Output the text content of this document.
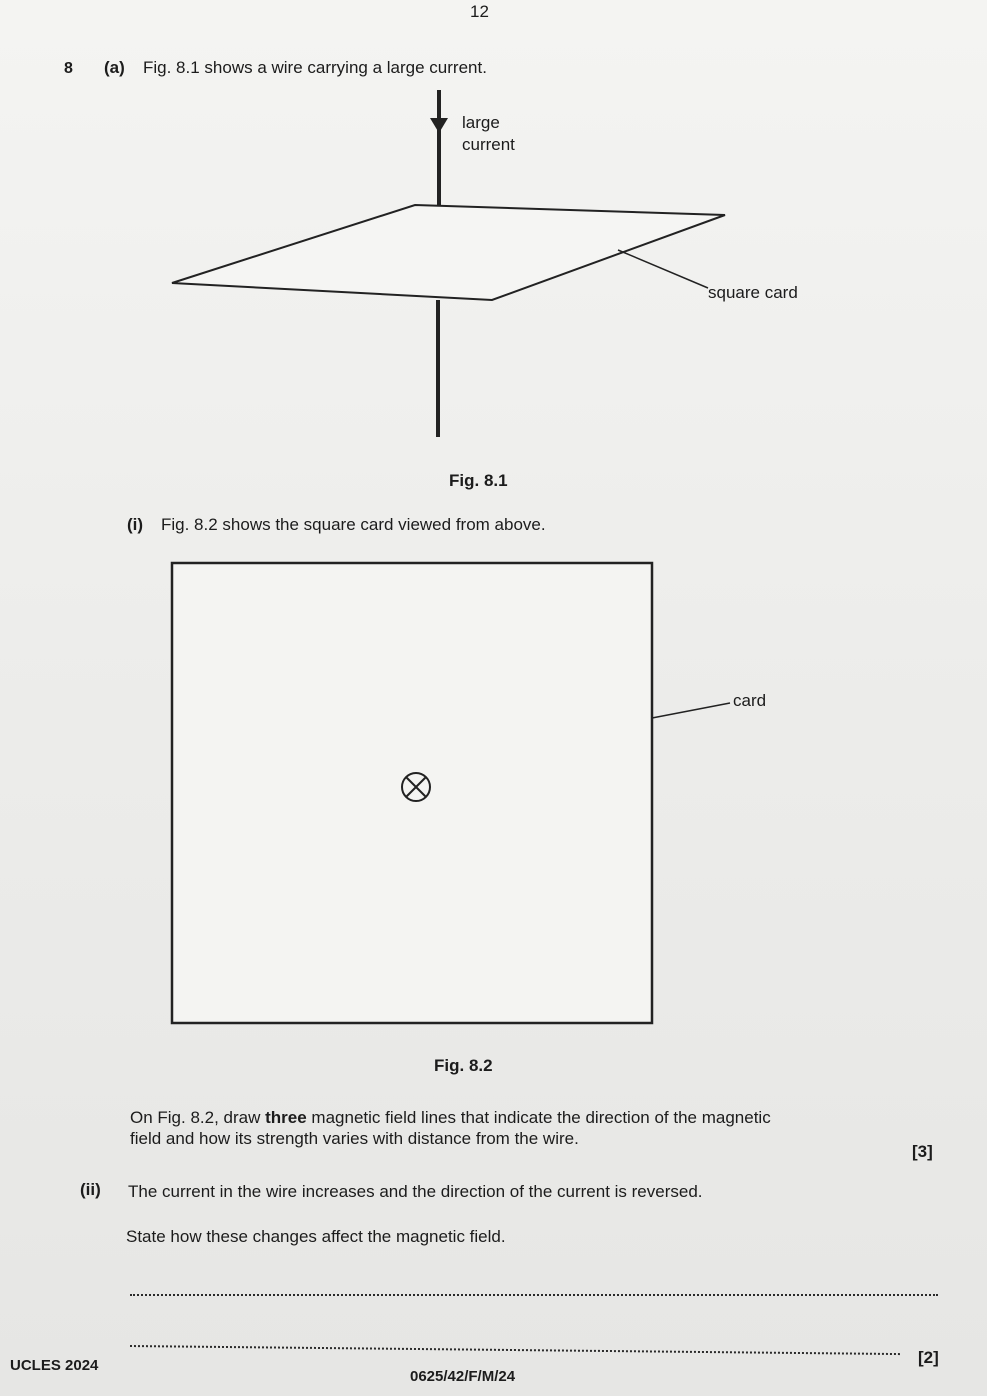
12
8 (a) Fig. 8.1 shows a wire carrying a large current.
large
current
square card
Fig. 8.1
(i) Fig. 8.2 shows the square card viewed from above.
card
Fig. 8.2
On Fig. 8.2, draw three magnetic field lines that indicate the direction of the magnetic
field and how its strength varies with distance from the wire.
[3]
(ii) The current in the wire increases and the direction of the current is reversed.
State how these changes affect the magnetic field.
[2]
UCLES 2024
0625/42/F/M/24
